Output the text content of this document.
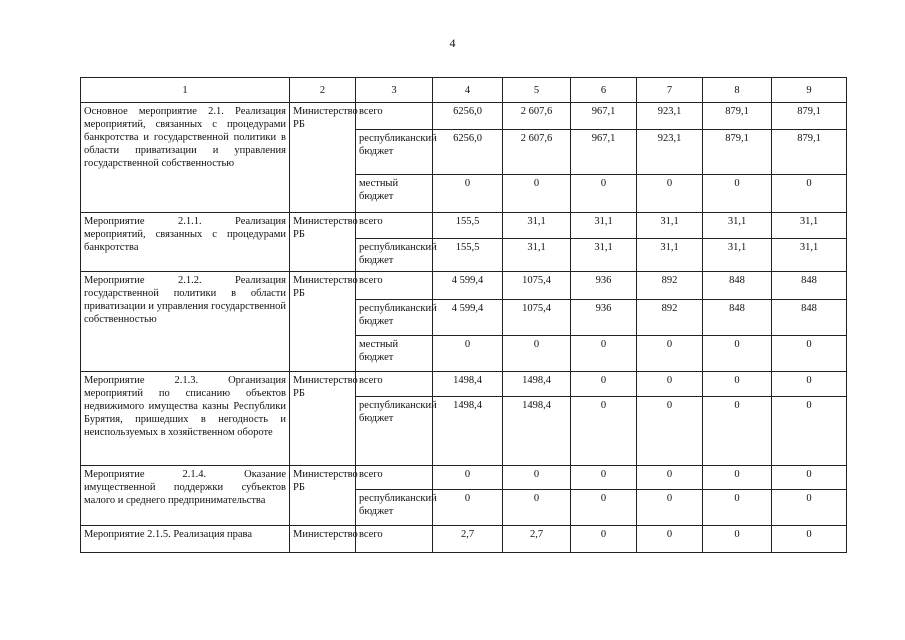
4
1	2	3	4	5	6	7	8	9
Основное мероприятие 2.1. Реализация мероприятий, связанных с процедурами банкротства и государственной политики в области приватизации и управления государственной собственностью	Министерство РБ	всего	6256,0	2 607,6	967,1	923,1	879,1	879,1
		республиканский бюджет	6256,0	2 607,6	967,1	923,1	879,1	879,1
		местный бюджет	0	0	0	0	0	0
Мероприятие 2.1.1. Реализация мероприятий, связанных с процедурами банкротства	Министерство РБ	всего	155,5	31,1	31,1	31,1	31,1	31,1
		республиканский бюджет	155,5	31,1	31,1	31,1	31,1	31,1
Мероприятие 2.1.2. Реализация государственной политики в области приватизации и управления государственной собственностью	Министерство РБ	всего	4 599,4	1075,4	936	892	848	848
		республиканский бюджет	4 599,4	1075,4	936	892	848	848
		местный бюджет	0	0	0	0	0	0
Мероприятие 2.1.3. Организация мероприятий по списанию объектов недвижимого имущества казны Республики Бурятия, пришедших в негодность и неиспользуемых в хозяйственном обороте	Министерство РБ	всего	1498,4	1498,4	0	0	0	0
		республиканский бюджет	1498,4	1498,4	0	0	0	0
Мероприятие 2.1.4. Оказание имущественной поддержки субъектов малого и среднего предпринимательства	Министерство РБ	всего	0	0	0	0	0	0
		республиканский бюджет	0	0	0	0	0	0
Мероприятие 2.1.5. Реализация права	Министерство	всего	2,7	2,7	0	0	0	0
